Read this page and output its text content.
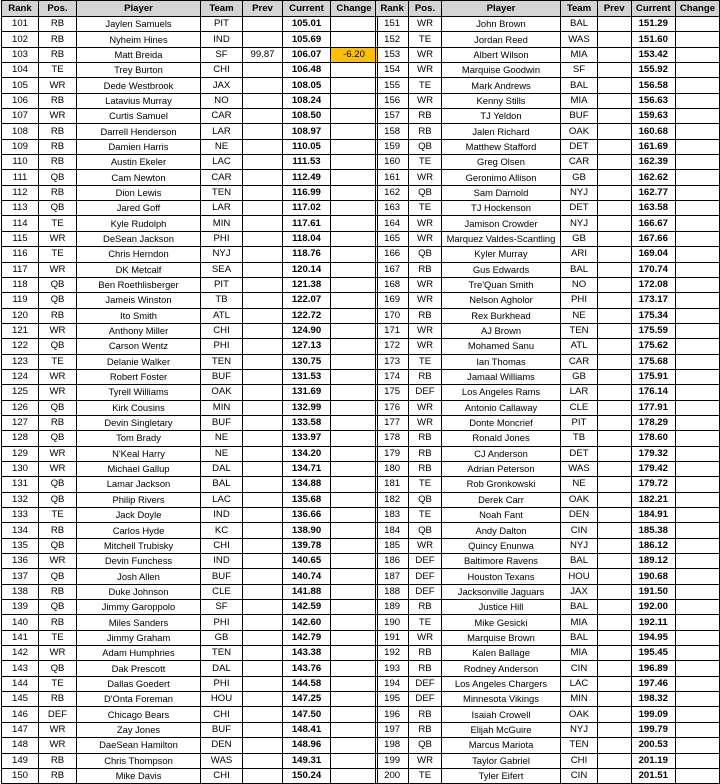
Rank	Pos.	Player	Team	Prev	Current	Change
101	RB	Jaylen Samuels	PIT		105.01	
102	RB	Nyheim Hines	IND		105.69	
103	RB	Matt Breida	SF	99.87	106.07	-6.20
104	TE	Trey Burton	CHI		106.48	
105	WR	Dede Westbrook	JAX		108.05	
106	RB	Latavius Murray	NO		108.24	
107	WR	Curtis Samuel	CAR		108.50	
108	RB	Darrell Henderson	LAR		108.97	
109	RB	Damien Harris	NE		110.05	
110	RB	Austin Ekeler	LAC		111.53	
111	QB	Cam Newton	CAR		112.49	
112	RB	Dion Lewis	TEN		116.99	
113	QB	Jared Goff	LAR		117.02	
114	TE	Kyle Rudolph	MIN		117.61	
115	WR	DeSean Jackson	PHI		118.04	
116	TE	Chris Herndon	NYJ		118.76	
117	WR	DK Metcalf	SEA		120.14	
118	QB	Ben Roethlisberger	PIT		121.38	
119	QB	Jameis Winston	TB		122.07	
120	RB	Ito Smith	ATL		122.72	
121	WR	Anthony Miller	CHI		124.90	
122	QB	Carson Wentz	PHI		127.13	
123	TE	Delanie Walker	TEN		130.75	
124	WR	Robert Foster	BUF		131.53	
125	WR	Tyrell Williams	OAK		131.69	
126	QB	Kirk Cousins	MIN		132.99	
127	RB	Devin Singletary	BUF		133.58	
128	QB	Tom Brady	NE		133.97	
129	WR	N'Keal Harry	NE		134.20	
130	WR	Michael Gallup	DAL		134.71	
131	QB	Lamar Jackson	BAL		134.88	
132	QB	Philip Rivers	LAC		135.68	
133	TE	Jack Doyle	IND		136.66	
134	RB	Carlos Hyde	KC		138.90	
135	QB	Mitchell Trubisky	CHI		139.78	
136	WR	Devin Funchess	IND		140.65	
137	QB	Josh Allen	BUF		140.74	
138	RB	Duke Johnson	CLE		141.88	
139	QB	Jimmy Garoppolo	SF		142.59	
140	RB	Miles Sanders	PHI		142.60	
141	TE	Jimmy Graham	GB		142.79	
142	WR	Adam Humphries	TEN		143.38	
143	QB	Dak Prescott	DAL		143.76	
144	TE	Dallas Goedert	PHI		144.58	
145	RB	D'Onta Foreman	HOU		147.25	
146	DEF	Chicago Bears	CHI		147.50	
147	WR	Zay Jones	BUF		148.41	
148	WR	DaeSean Hamilton	DEN		148.96	
149	RB	Chris Thompson	WAS		149.31	
150	RB	Mike Davis	CHI		150.24	
Rank	Pos.	Player	Team	Prev	Current	Change
151	WR	John Brown	BAL		151.29	
152	TE	Jordan Reed	WAS		151.60	
153	WR	Albert Wilson	MIA		153.42	
154	WR	Marquise Goodwin	SF		155.92	
155	TE	Mark Andrews	BAL		156.58	
156	WR	Kenny Stills	MIA		156.63	
157	RB	TJ Yeldon	BUF		159.63	
158	RB	Jalen Richard	OAK		160.68	
159	QB	Matthew Stafford	DET		161.69	
160	TE	Greg Olsen	CAR		162.39	
161	WR	Geronimo Allison	GB		162.62	
162	QB	Sam Darnold	NYJ		162.77	
163	TE	TJ Hockenson	DET		163.58	
164	WR	Jamison Crowder	NYJ		166.67	
165	WR	Marquez Valdes-Scantling	GB		167.66	
166	QB	Kyler Murray	ARI		169.04	
167	RB	Gus Edwards	BAL		170.74	
168	WR	Tre'Quan Smith	NO		172.08	
169	WR	Nelson Agholor	PHI		173.17	
170	RB	Rex Burkhead	NE		175.34	
171	WR	AJ Brown	TEN		175.59	
172	WR	Mohamed Sanu	ATL		175.62	
173	TE	Ian Thomas	CAR		175.68	
174	RB	Jamaal Williams	GB		175.91	
175	DEF	Los Angeles Rams	LAR		176.14	
176	WR	Antonio Callaway	CLE		177.91	
177	WR	Donte Moncrief	PIT		178.29	
178	RB	Ronald Jones	TB		178.60	
179	RB	CJ Anderson	DET		179.32	
180	RB	Adrian Peterson	WAS		179.42	
181	TE	Rob Gronkowski	NE		179.72	
182	QB	Derek Carr	OAK		182.21	
183	TE	Noah Fant	DEN		184.91	
184	QB	Andy Dalton	CIN		185.38	
185	WR	Quincy Enunwa	NYJ		186.12	
186	DEF	Baltimore Ravens	BAL		189.12	
187	DEF	Houston Texans	HOU		190.68	
188	DEF	Jacksonville Jaguars	JAX		191.50	
189	RB	Justice Hill	BAL		192.00	
190	TE	Mike Gesicki	MIA		192.11	
191	WR	Marquise Brown	BAL		194.95	
192	RB	Kalen Ballage	MIA		195.45	
193	RB	Rodney Anderson	CIN		196.89	
194	DEF	Los Angeles Chargers	LAC		197.46	
195	DEF	Minnesota Vikings	MIN		198.32	
196	RB	Isaiah Crowell	OAK		199.09	
197	RB	Elijah McGuire	NYJ		199.79	
198	QB	Marcus Mariota	TEN		200.53	
199	WR	Taylor Gabriel	CHI		201.19	
200	TE	Tyler Eifert	CIN		201.51	
